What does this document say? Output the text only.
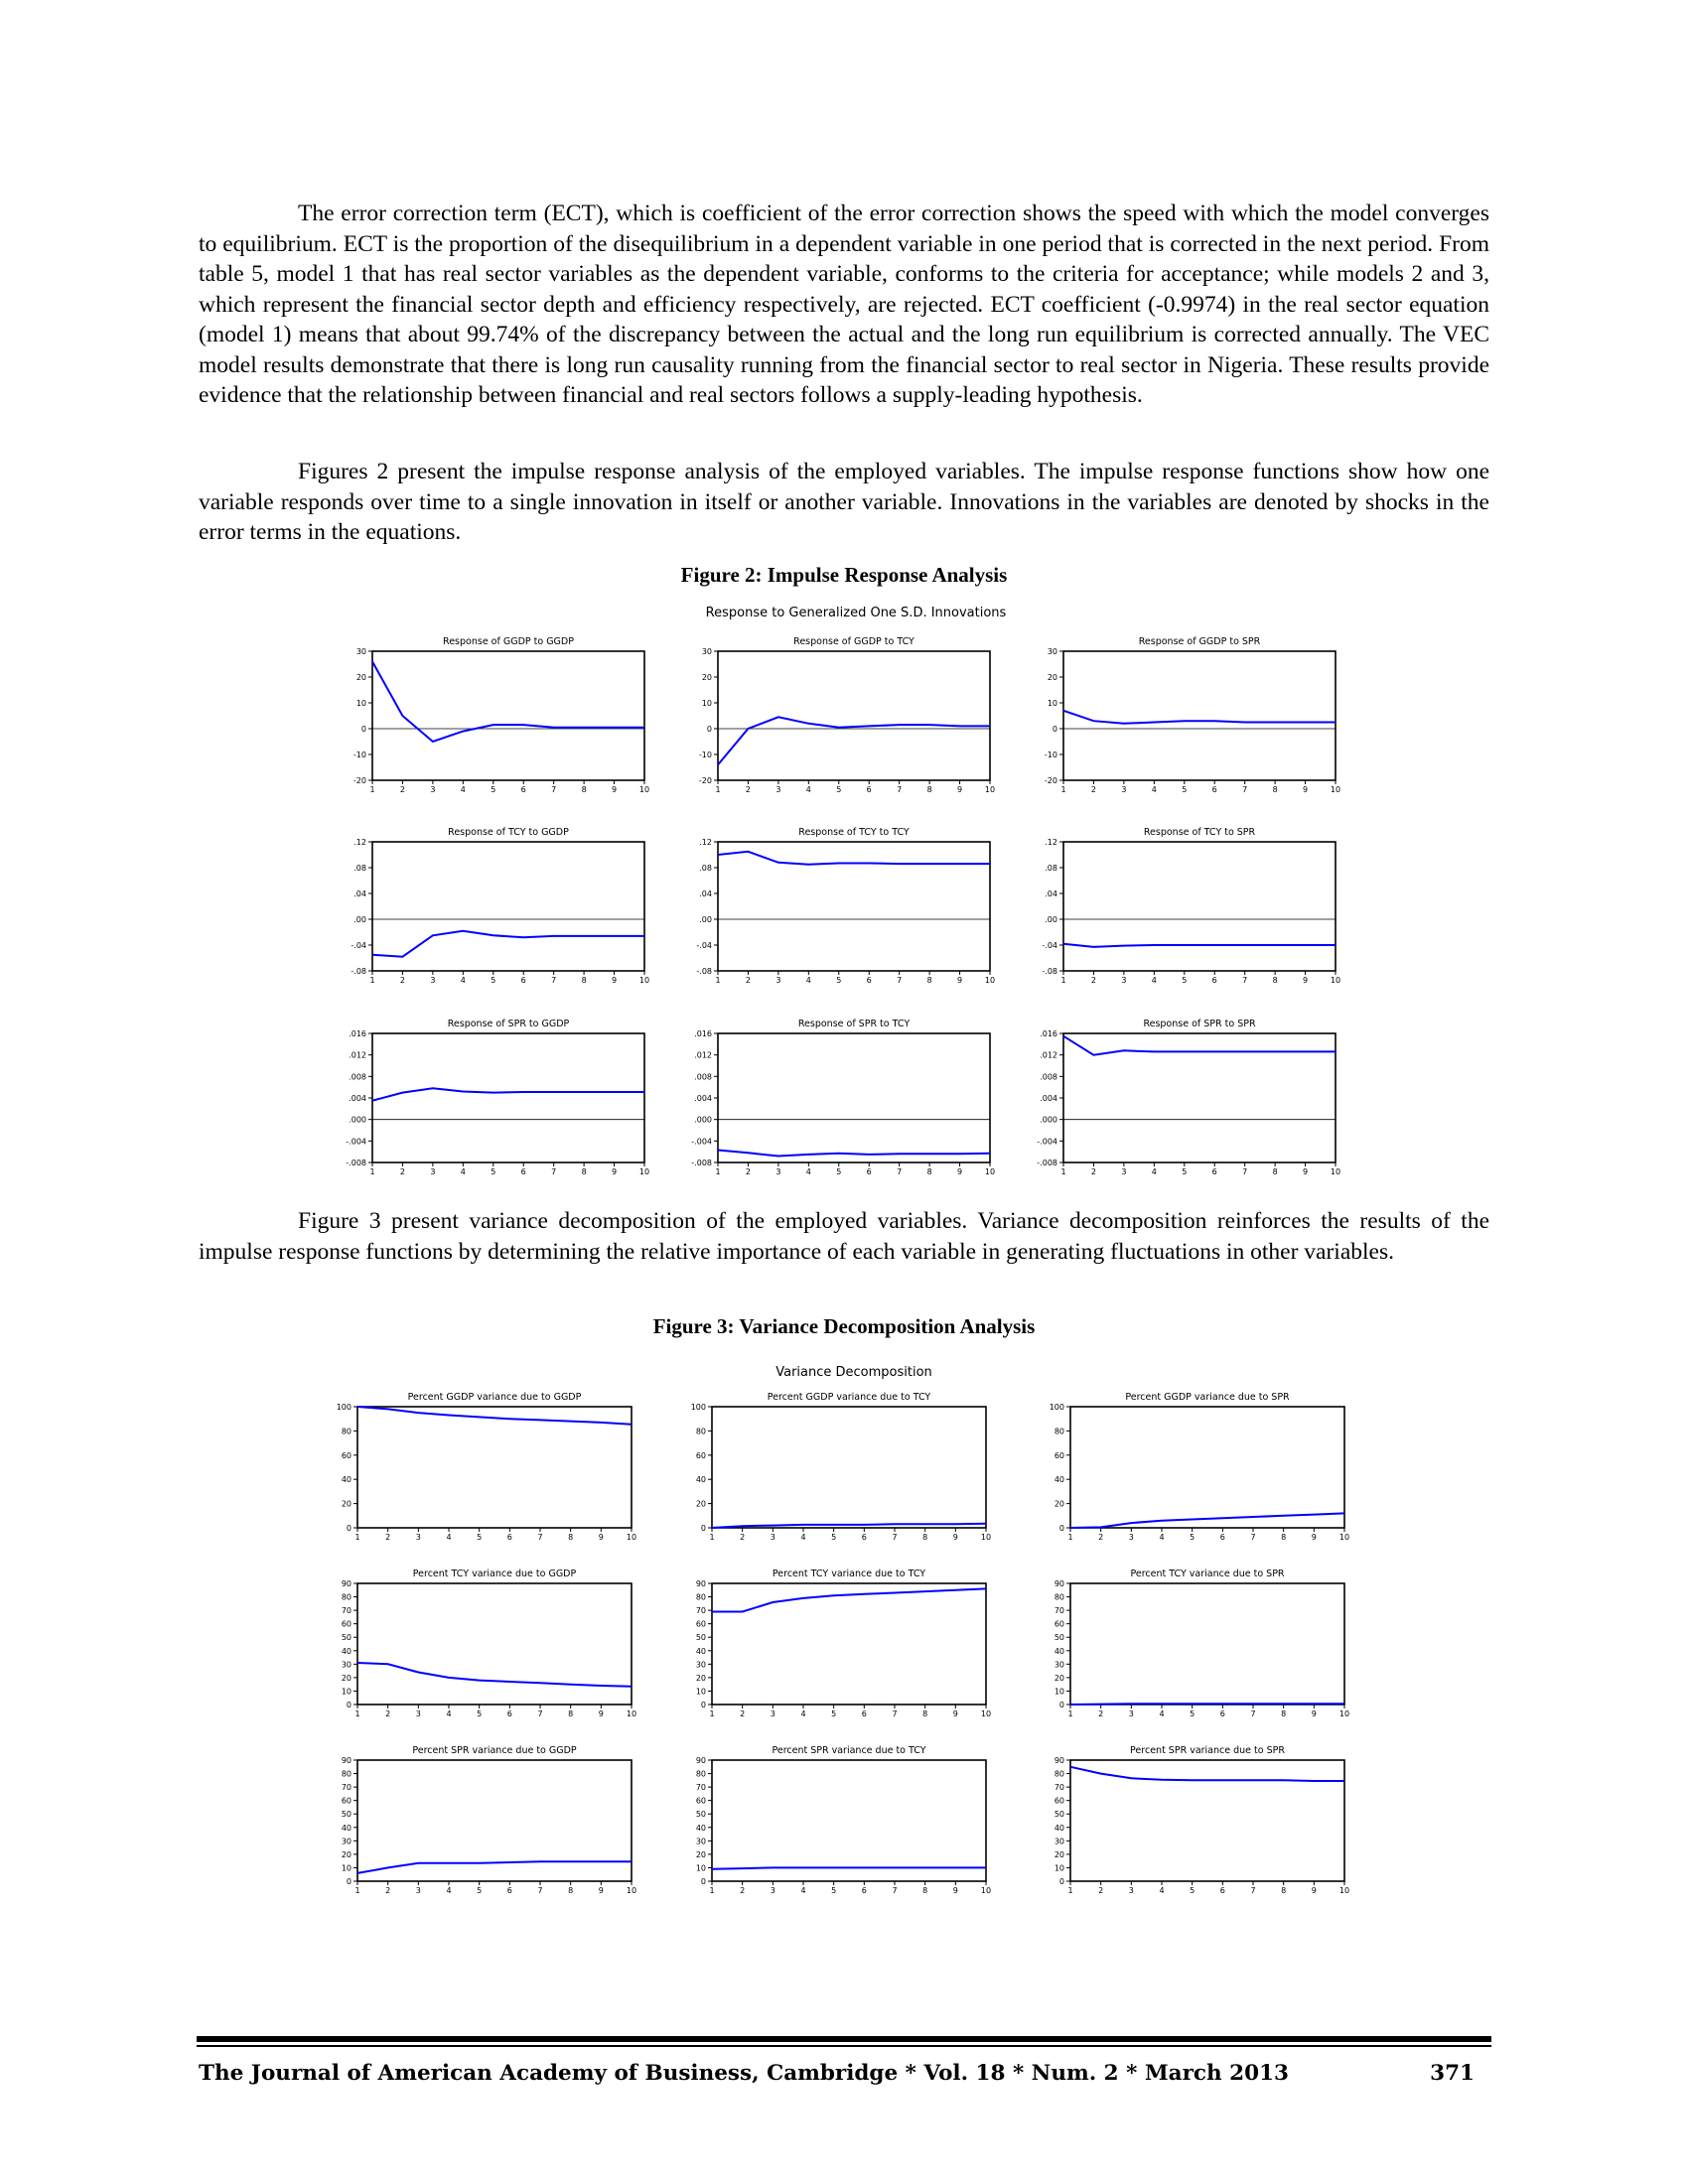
The error correction term (ECT), which is coefficient of the error correction shows the speed with which the model converges to equilibrium. ECT is the proportion of the disequilibrium in a dependent variable in one period that is corrected in the next period. From table 5, model 1 that has real sector variables as the dependent variable, conforms to the criteria for acceptance; while models 2 and 3, which represent the financial sector depth and efficiency respectively, are rejected. ECT coefficient (-0.9974) in the real sector equation (model 1) means that about 99.74% of the discrepancy between the actual and the long run equilibrium is corrected annually. The VEC model results demonstrate that there is long run causality running from the financial sector to real sector in Nigeria. These results provide evidence that the relationship between financial and real sectors follows a supply-leading hypothesis.

Figures 2 present the impulse response analysis of the employed variables. The impulse response functions show how one variable responds over time to a single innovation in itself or another variable. Innovations in the variables are denoted by shocks in the error terms in the equations.

Figure 2: Impulse Response Analysis

Response to Generalized One S.D. Innovations
Response of GGDP to GGDP
30
20
10
0
-10
-20
1	2	3	4	5	6	7	8	9	10
Response of GGDP to TCY
30
20
10
0
-10
-20
1	2	3	4	5	6	7	8	9	10
Response of GGDP to SPR
30
20
10
0
-10
-20
1	2	3	4	5	6	7	8	9	10
Response of TCY to GGDP
.12
.08
.04
.00
-.04
-.08
1	2	3	4	5	6	7	8	9	10
Response of TCY to TCY
.12
.08
.04
.00
-.04
-.08
1	2	3	4	5	6	7	8	9	10
Response of TCY to SPR
.12
.08
.04
.00
-.04
-.08
1	2	3	4	5	6	7	8	9	10
Response of SPR to GGDP
.016
.012
.008
.004
.000
-.004
-.008
1	2	3	4	5	6	7	8	9	10
Response of SPR to TCY
.016
.012
.008
.004
.000
-.004
-.008
1	2	3	4	5	6	7	8	9	10
Response of SPR to SPR
.016
.012
.008
.004
.000
-.004
-.008
1	2	3	4	5	6	7	8	9	10

Figure 3 present variance decomposition of the employed variables. Variance decomposition reinforces the results of the impulse response functions by determining the relative importance of each variable in generating fluctuations in other variables.

Figure 3: Variance Decomposition Analysis

Variance Decomposition
Percent GGDP variance due to GGDP
100
80
60
40
20
0
1	2	3	4	5	6	7	8	9	10
Percent GGDP variance due to TCY
100
80
60
40
20
0
1	2	3	4	5	6	7	8	9	10
Percent GGDP variance due to SPR
100
80
60
40
20
0
1	2	3	4	5	6	7	8	9	10
Percent TCY variance due to GGDP
90
80
70
60
50
40
30
20
10
0
1	2	3	4	5	6	7	8	9	10
Percent TCY variance due to TCY
90
80
70
60
50
40
30
20
10
0
1	2	3	4	5	6	7	8	9	10
Percent TCY variance due to SPR
90
80
70
60
50
40
30
20
10
0
1	2	3	4	5	6	7	8	9	10
Percent SPR variance due to GGDP
90
80
70
60
50
40
30
20
10
0
1	2	3	4	5	6	7	8	9	10
Percent SPR variance due to TCY
90
80
70
60
50
40
30
20
10
0
1	2	3	4	5	6	7	8	9	10
Percent SPR variance due to SPR
90
80
70
60
50
40
30
20
10
0
1	2	3	4	5	6	7	8	9	10
The Journal of American Academy of Business, Cambridge * Vol. 18 * Num. 2 * March 2013	371
